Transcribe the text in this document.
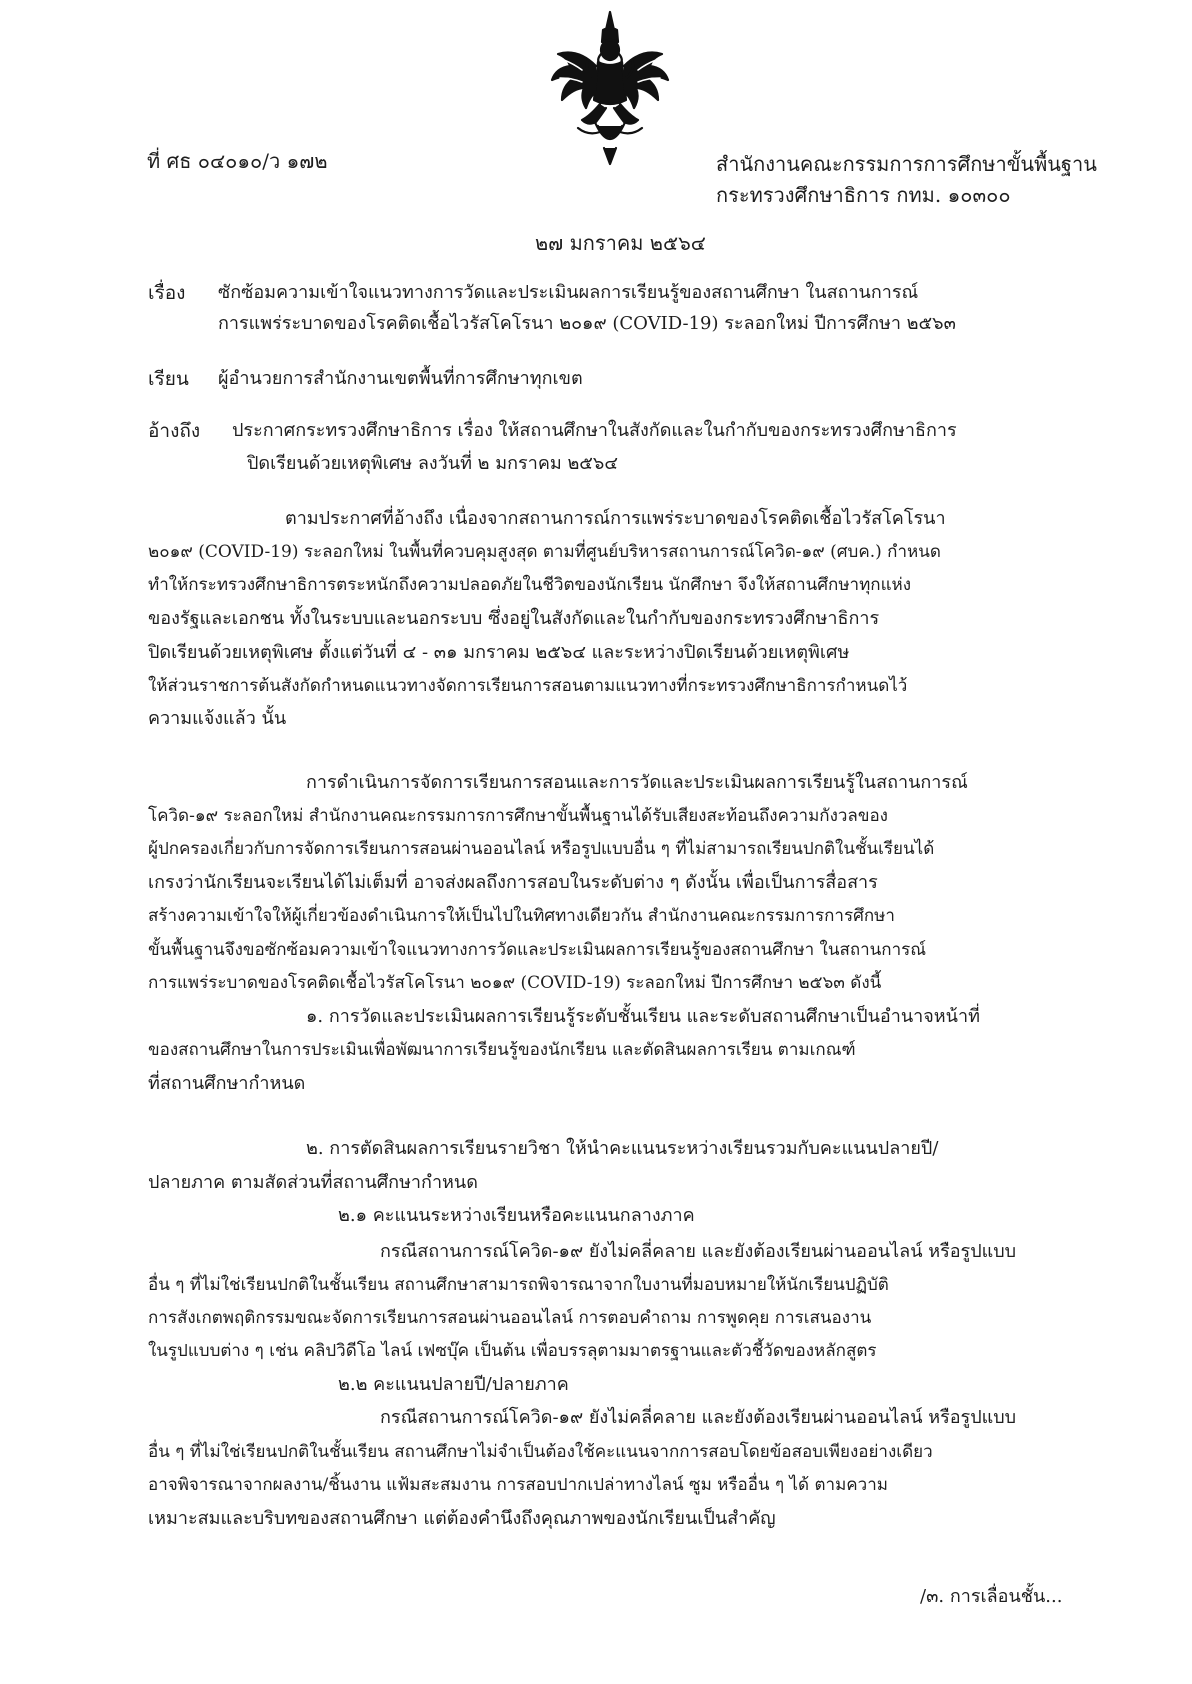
ที่ ศธ ๐๔๐๑๐/ว ๑๗๒	สำนักงานคณะกรรมการการศึกษาขั้นพื้นฐาน
กระทรวงศึกษาธิการ กทม. ๑๐๓๐๐
๒๗ มกราคม ๒๕๖๔
เรื่อง ซักซ้อมความเข้าใจแนวทางการวัดและประเมินผลการเรียนรู้ของสถานศึกษา ในสถานการณ์
การแพร่ระบาดของโรคติดเชื้อไวรัสโคโรนา ๒๐๑๙ (COVID-19) ระลอกใหม่ ปีการศึกษา ๒๕๖๓
เรียน ผู้อำนวยการสำนักงานเขตพื้นที่การศึกษาทุกเขต
อ้างถึง ประกาศกระทรวงศึกษาธิการ เรื่อง ให้สถานศึกษาในสังกัดและในกำกับของกระทรวงศึกษาธิการ
ปิดเรียนด้วยเหตุพิเศษ ลงวันที่ ๒ มกราคม ๒๕๖๔
ตามประกาศที่อ้างถึง เนื่องจากสถานการณ์การแพร่ระบาดของโรคติดเชื้อไวรัสโคโรนา
๒๐๑๙ (COVID-19) ระลอกใหม่ ในพื้นที่ควบคุมสูงสุด ตามที่ศูนย์บริหารสถานการณ์โควิด-๑๙ (ศบค.) กำหนด
ทำให้กระทรวงศึกษาธิการตระหนักถึงความปลอดภัยในชีวิตของนักเรียน นักศึกษา จึงให้สถานศึกษาทุกแห่ง
ของรัฐและเอกชน ทั้งในระบบและนอกระบบ ซึ่งอยู่ในสังกัดและในกำกับของกระทรวงศึกษาธิการ
ปิดเรียนด้วยเหตุพิเศษ ตั้งแต่วันที่ ๔ - ๓๑ มกราคม ๒๕๖๔ และระหว่างปิดเรียนด้วยเหตุพิเศษ
ให้ส่วนราชการต้นสังกัดกำหนดแนวทางจัดการเรียนการสอนตามแนวทางที่กระทรวงศึกษาธิการกำหนดไว้
ความแจ้งแล้ว นั้น
การดำเนินการจัดการเรียนการสอนและการวัดและประเมินผลการเรียนรู้ในสถานการณ์
โควิด-๑๙ ระลอกใหม่ สำนักงานคณะกรรมการการศึกษาขั้นพื้นฐานได้รับเสียงสะท้อนถึงความกังวลของ
ผู้ปกครองเกี่ยวกับการจัดการเรียนการสอนผ่านออนไลน์ หรือรูปแบบอื่น ๆ ที่ไม่สามารถเรียนปกติในชั้นเรียนได้
เกรงว่านักเรียนจะเรียนได้ไม่เต็มที่ อาจส่งผลถึงการสอบในระดับต่าง ๆ ดังนั้น เพื่อเป็นการสื่อสาร
สร้างความเข้าใจให้ผู้เกี่ยวข้องดำเนินการให้เป็นไปในทิศทางเดียวกัน สำนักงานคณะกรรมการการศึกษา
ขั้นพื้นฐานจึงขอซักซ้อมความเข้าใจแนวทางการวัดและประเมินผลการเรียนรู้ของสถานศึกษา ในสถานการณ์
การแพร่ระบาดของโรคติดเชื้อไวรัสโคโรนา ๒๐๑๙ (COVID-19) ระลอกใหม่ ปีการศึกษา ๒๕๖๓ ดังนี้
๑. การวัดและประเมินผลการเรียนรู้ระดับชั้นเรียน และระดับสถานศึกษาเป็นอำนาจหน้าที่
ของสถานศึกษาในการประเมินเพื่อพัฒนาการเรียนรู้ของนักเรียน และตัดสินผลการเรียน ตามเกณฑ์
ที่สถานศึกษากำหนด
๒. การตัดสินผลการเรียนรายวิชา ให้นำคะแนนระหว่างเรียนรวมกับคะแนนปลายปี/
ปลายภาค ตามสัดส่วนที่สถานศึกษากำหนด
๒.๑ คะแนนระหว่างเรียนหรือคะแนนกลางภาค
กรณีสถานการณ์โควิด-๑๙ ยังไม่คลี่คลาย และยังต้องเรียนผ่านออนไลน์ หรือรูปแบบ
อื่น ๆ ที่ไม่ใช่เรียนปกติในชั้นเรียน สถานศึกษาสามารถพิจารณาจากใบงานที่มอบหมายให้นักเรียนปฏิบัติ
การสังเกตพฤติกรรมขณะจัดการเรียนการสอนผ่านออนไลน์ การตอบคำถาม การพูดคุย การเสนองาน
ในรูปแบบต่าง ๆ เช่น คลิปวิดีโอ ไลน์ เฟซบุ๊ค เป็นต้น เพื่อบรรลุตามมาตรฐานและตัวชี้วัดของหลักสูตร
๒.๒ คะแนนปลายปี/ปลายภาค
กรณีสถานการณ์โควิด-๑๙ ยังไม่คลี่คลาย และยังต้องเรียนผ่านออนไลน์ หรือรูปแบบ
อื่น ๆ ที่ไม่ใช่เรียนปกติในชั้นเรียน สถานศึกษาไม่จำเป็นต้องใช้คะแนนจากการสอบโดยข้อสอบเพียงอย่างเดียว
อาจพิจารณาจากผลงาน/ชิ้นงาน แฟ้มสะสมงาน การสอบปากเปล่าทางไลน์ ซูม หรืออื่น ๆ ได้ ตามความ
เหมาะสมและบริบทของสถานศึกษา แต่ต้องคำนึงถึงคุณภาพของนักเรียนเป็นสำคัญ
/๓. การเลื่อนชั้น...
